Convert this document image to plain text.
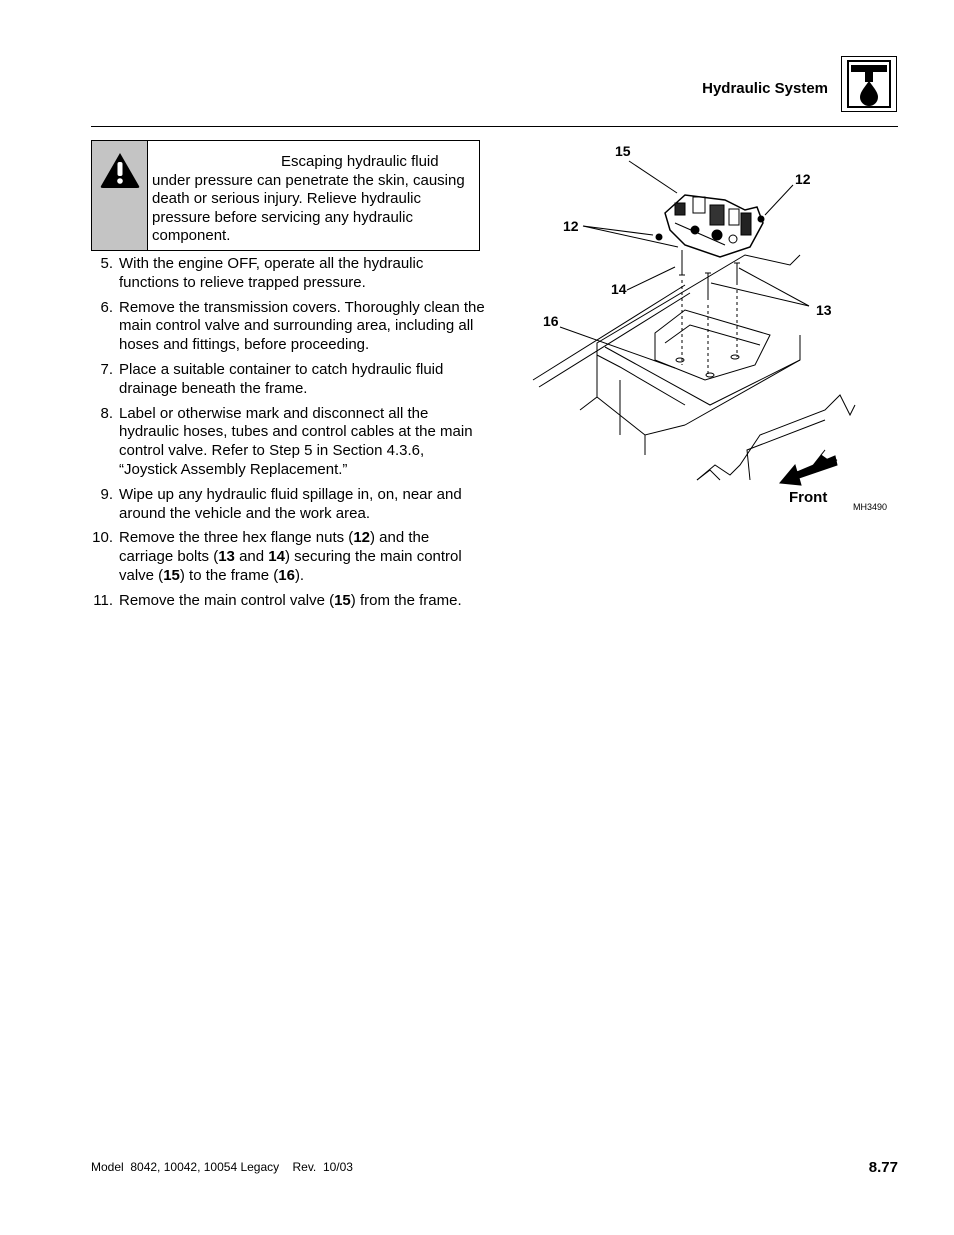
Hydraulic System
Escaping hydraulic fluid
under pressure can penetrate the skin, causing death or serious injury. Relieve hydraulic pressure before servicing any hydraulic component.
5. With the engine OFF, operate all the hydraulic functions to relieve trapped pressure.
6. Remove the transmission covers. Thoroughly clean the main control valve and surrounding area, including all hoses and fittings, before proceeding.
7. Place a suitable container to catch hydraulic fluid drainage beneath the frame.
8. Label or otherwise mark and disconnect all the hydraulic hoses, tubes and control cables at the main control valve. Refer to Step 5 in Section 4.3.6, “Joystick Assembly Replacement.”
9. Wipe up any hydraulic fluid spillage in, on, near and around the vehicle and the work area.
10. Remove the three hex flange nuts (12) and the carriage bolts (13 and 14) securing the main control valve (15) to the frame (16).
11. Remove the main control valve (15) from the frame.
15
12
12
14
13
16
Front
MH3490
Model  8042, 10042, 10054 Legacy    Rev.  10/03	8.77
